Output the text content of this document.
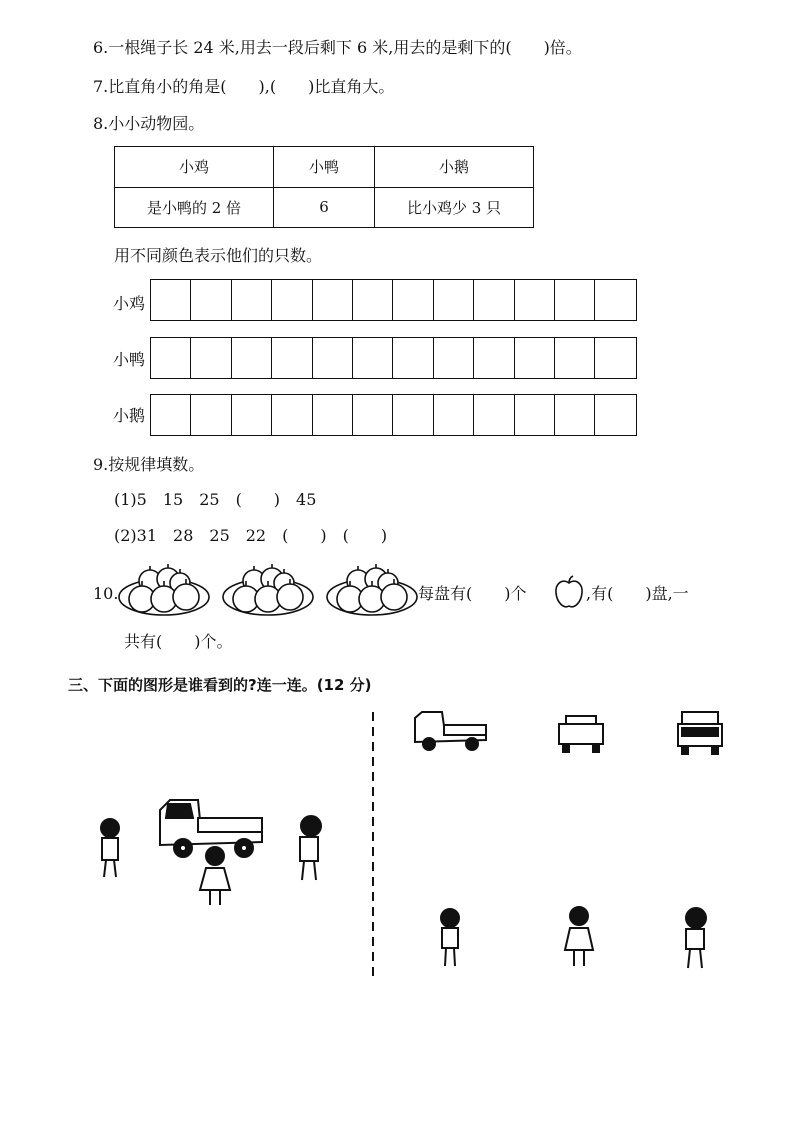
6.一根绳子长 24 米,用去一段后剩下 6 米,用去的是剩下的(　　)倍。
7.比直角小的角是(　　),(　　)比直角大。
8.小小动物园。
小鸡	小鸭	小鹅
是小鸭的 2 倍	6	比小鸡少 3 只
用不同颜色表示他们的只数。
小鸡
小鸭
小鹅
9.按规律填数。
(1)5　15　25　(　　)　45
(2)31　28　25　22　(　　)　(　　)
10.	每盘有(　　)个	,有(　　)盘,一
共有(　　)个。
三、下面的图形是谁看到的?连一连。(12 分)
